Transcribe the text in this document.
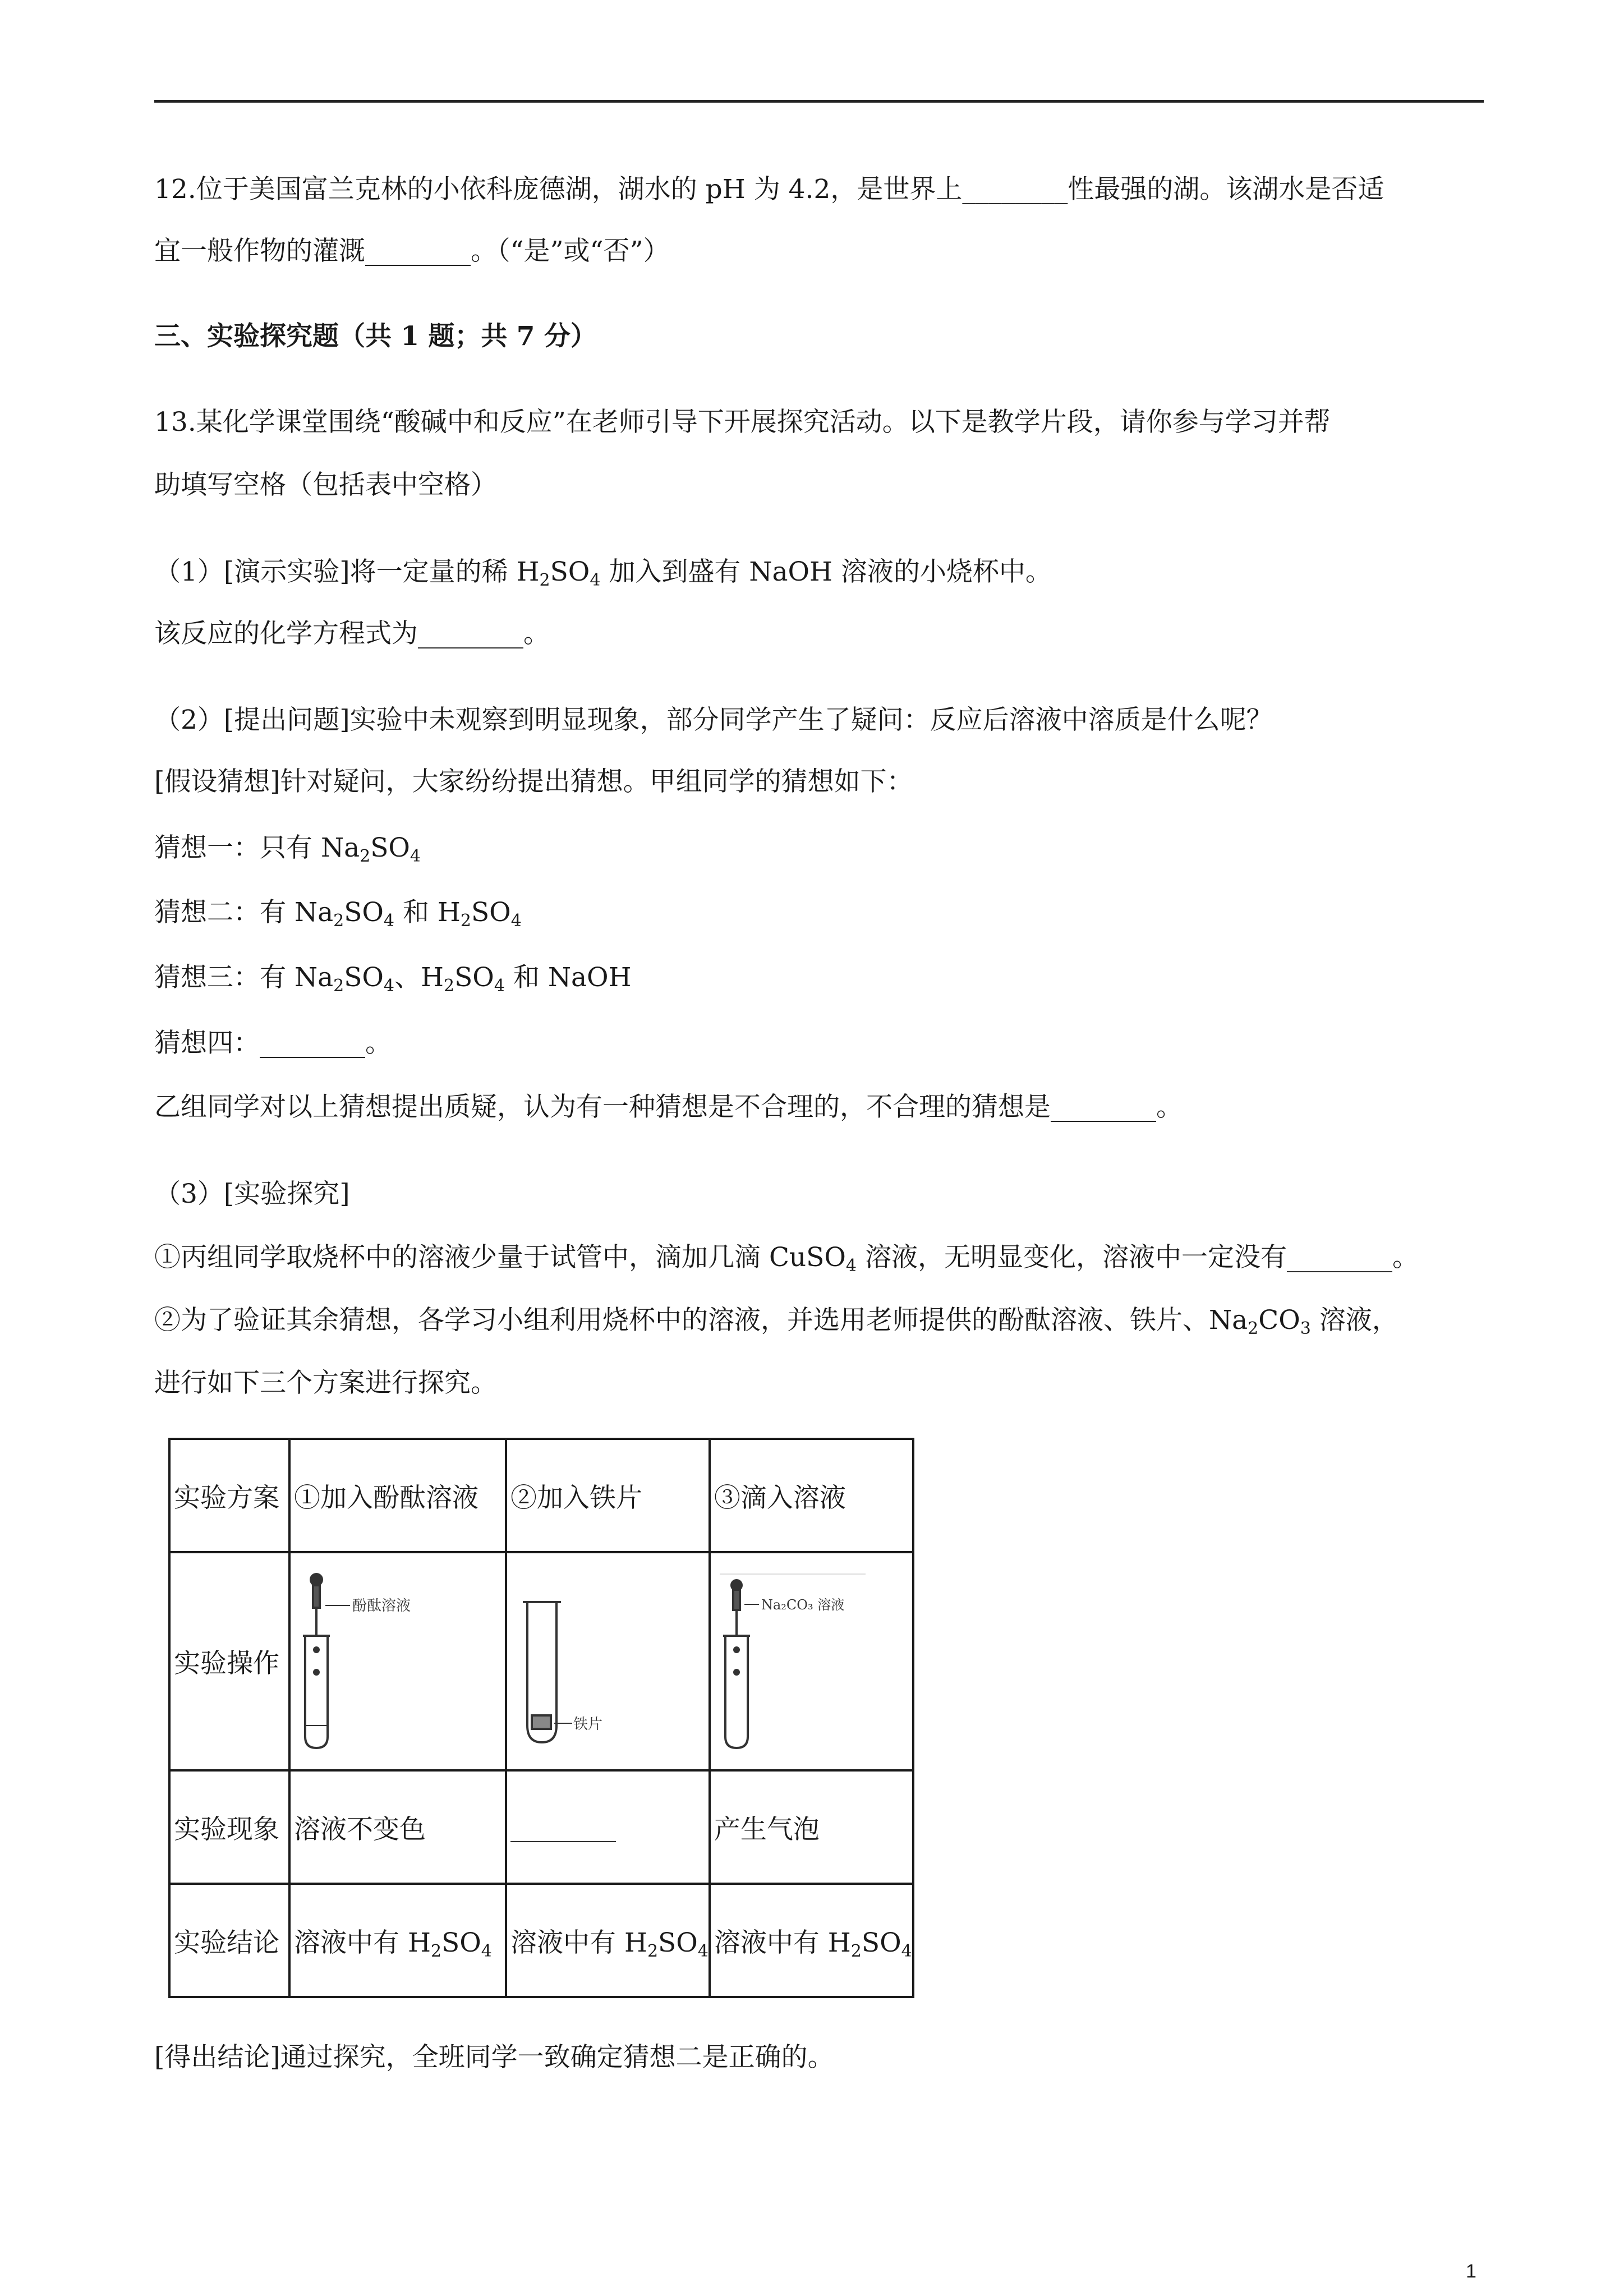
12.位于美国富兰克林的小依科庞德湖，湖水的 pH 为 4.2，是世界上________性最强的湖。该湖水是否适
宜一般作物的灌溉________。（“是”或“否”）
三、实验探究题（共 1 题；共 7 分）
13.某化学课堂围绕“酸碱中和反应”在老师引导下开展探究活动。以下是教学片段，请你参与学习并帮
助填写空格（包括表中空格）
（1）[演示实验]将一定量的稀 $H_2SO_4$ 加入到盛有 NaOH 溶液的小烧杯中。
该反应的化学方程式为________。
（2）[提出问题]实验中未观察到明显现象，部分同学产生了疑问：反应后溶液中溶质是什么呢？
[假设猜想]针对疑问，大家纷纷提出猜想。甲组同学的猜想如下：
猜想一：只有 $Na_2SO_4$
猜想二：有 $Na_2SO_4$ 和 $H_2SO_4$
猜想三：有 $Na_2SO_4$、$H_2SO_4$ 和 NaOH
猜想四：________。
乙组同学对以上猜想提出质疑，认为有一种猜想是不合理的，不合理的猜想是________。
（3）[实验探究]
①丙组同学取烧杯中的溶液少量于试管中，滴加几滴 CuSO$_4$ 溶液，无明显变化，溶液中一定没有________。
②为了验证其余猜想，各学习小组利用烧杯中的溶液，并选用老师提供的酚酞溶液、铁片、$Na_2CO_3$ 溶液，
进行如下三个方案进行探究。
实验方案	①加入酚酞溶液	②加入铁片	③滴入溶液
实验操作	酚酞溶液	铁片	Na₂CO₃ 溶液

实验现象	溶液不变色	________	产生气泡
实验结论	溶液中有 $H_2SO_4$	溶液中有 $H_2SO_4$	溶液中有 $H_2SO_4$
[得出结论]通过探究，全班同学一致确定猜想二是正确的。
1
